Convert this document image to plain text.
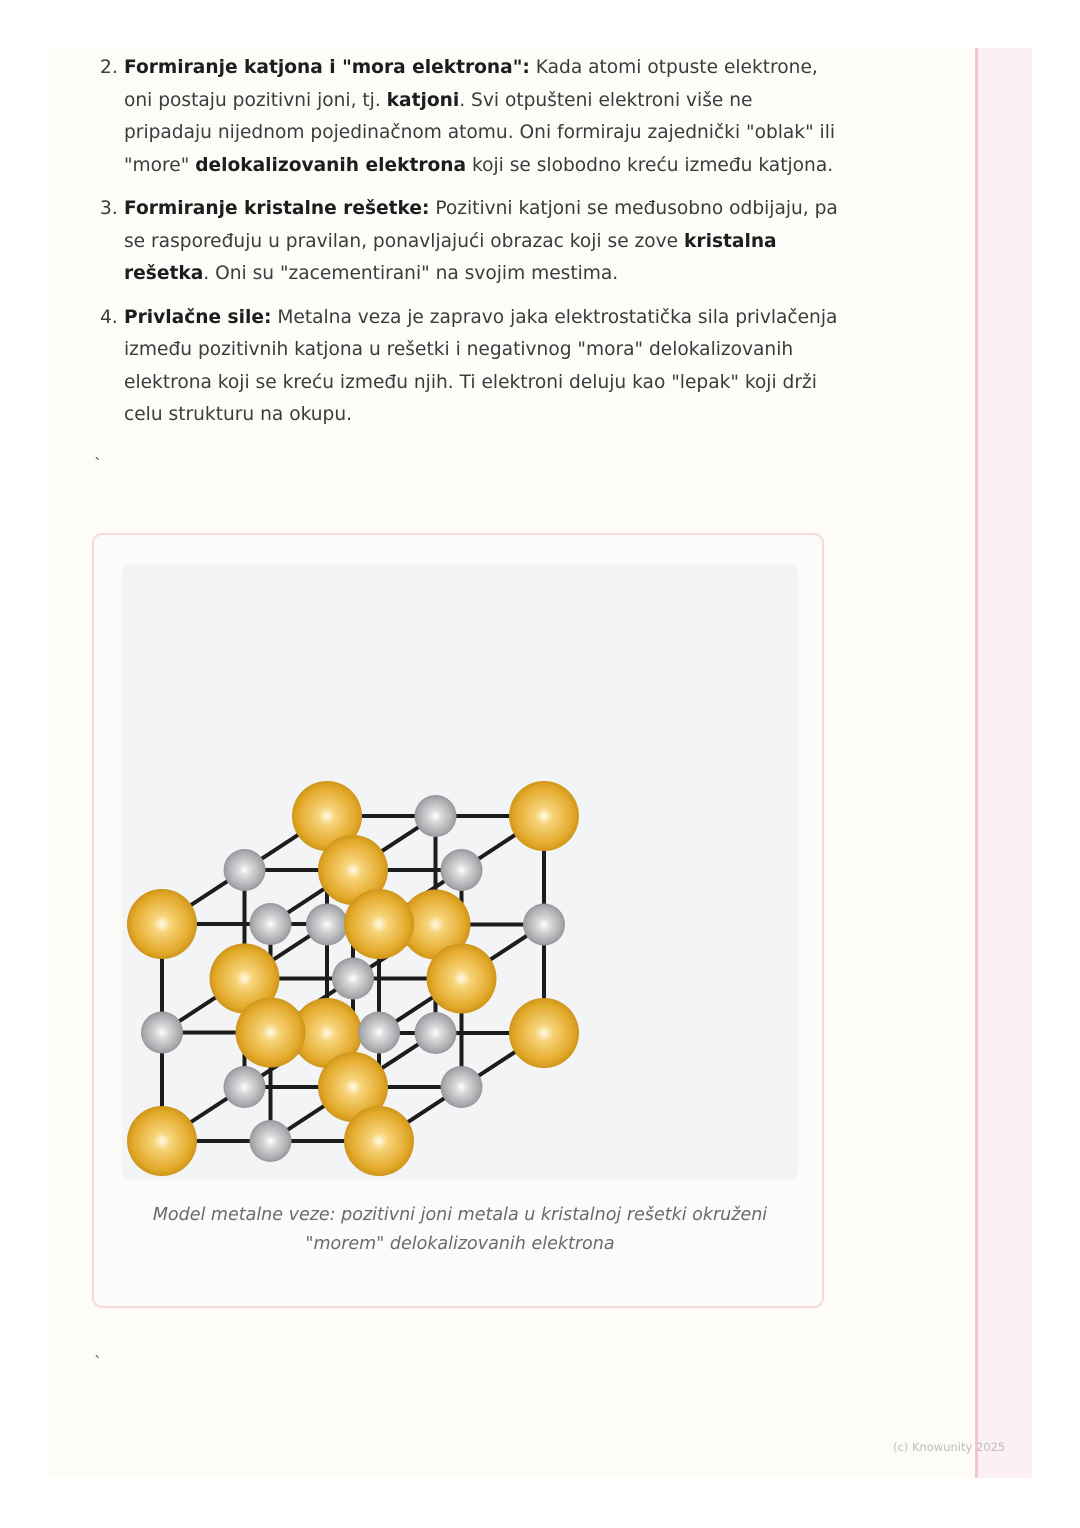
2. Formiranje katjona i "mora elektrona": Kada atomi otpuste elektrone, oni postaju pozitivni joni, tj. katjoni. Svi otpušteni elektroni više ne pripadaju nijednom pojedinačnom atomu. Oni formiraju zajednički "oblak" ili "more" delokalizovanih elektrona koji se slobodno kreću između katjona.
3. Formiranje kristalne rešetke: Pozitivni katjoni se međusobno odbijaju, pa se raspoređuju u pravilan, ponavljajući obrazac koji se zove kristalna rešetka. Oni su "zacementirani" na svojim mestima.
4. Privlačne sile: Metalna veza je zapravo jaka elektrostatička sila privlačenja između pozitivnih katjona u rešetki i negativnog "mora" delokalizovanih elektrona koji se kreću između njih. Ti elektroni deluju kao "lepak" koji drži celu strukturu na okupu.
`
Model metalne veze: pozitivni joni metala u kristalnoj rešetki okruženi "morem" delokalizovanih elektrona
`
(c) Knowunity 2025
